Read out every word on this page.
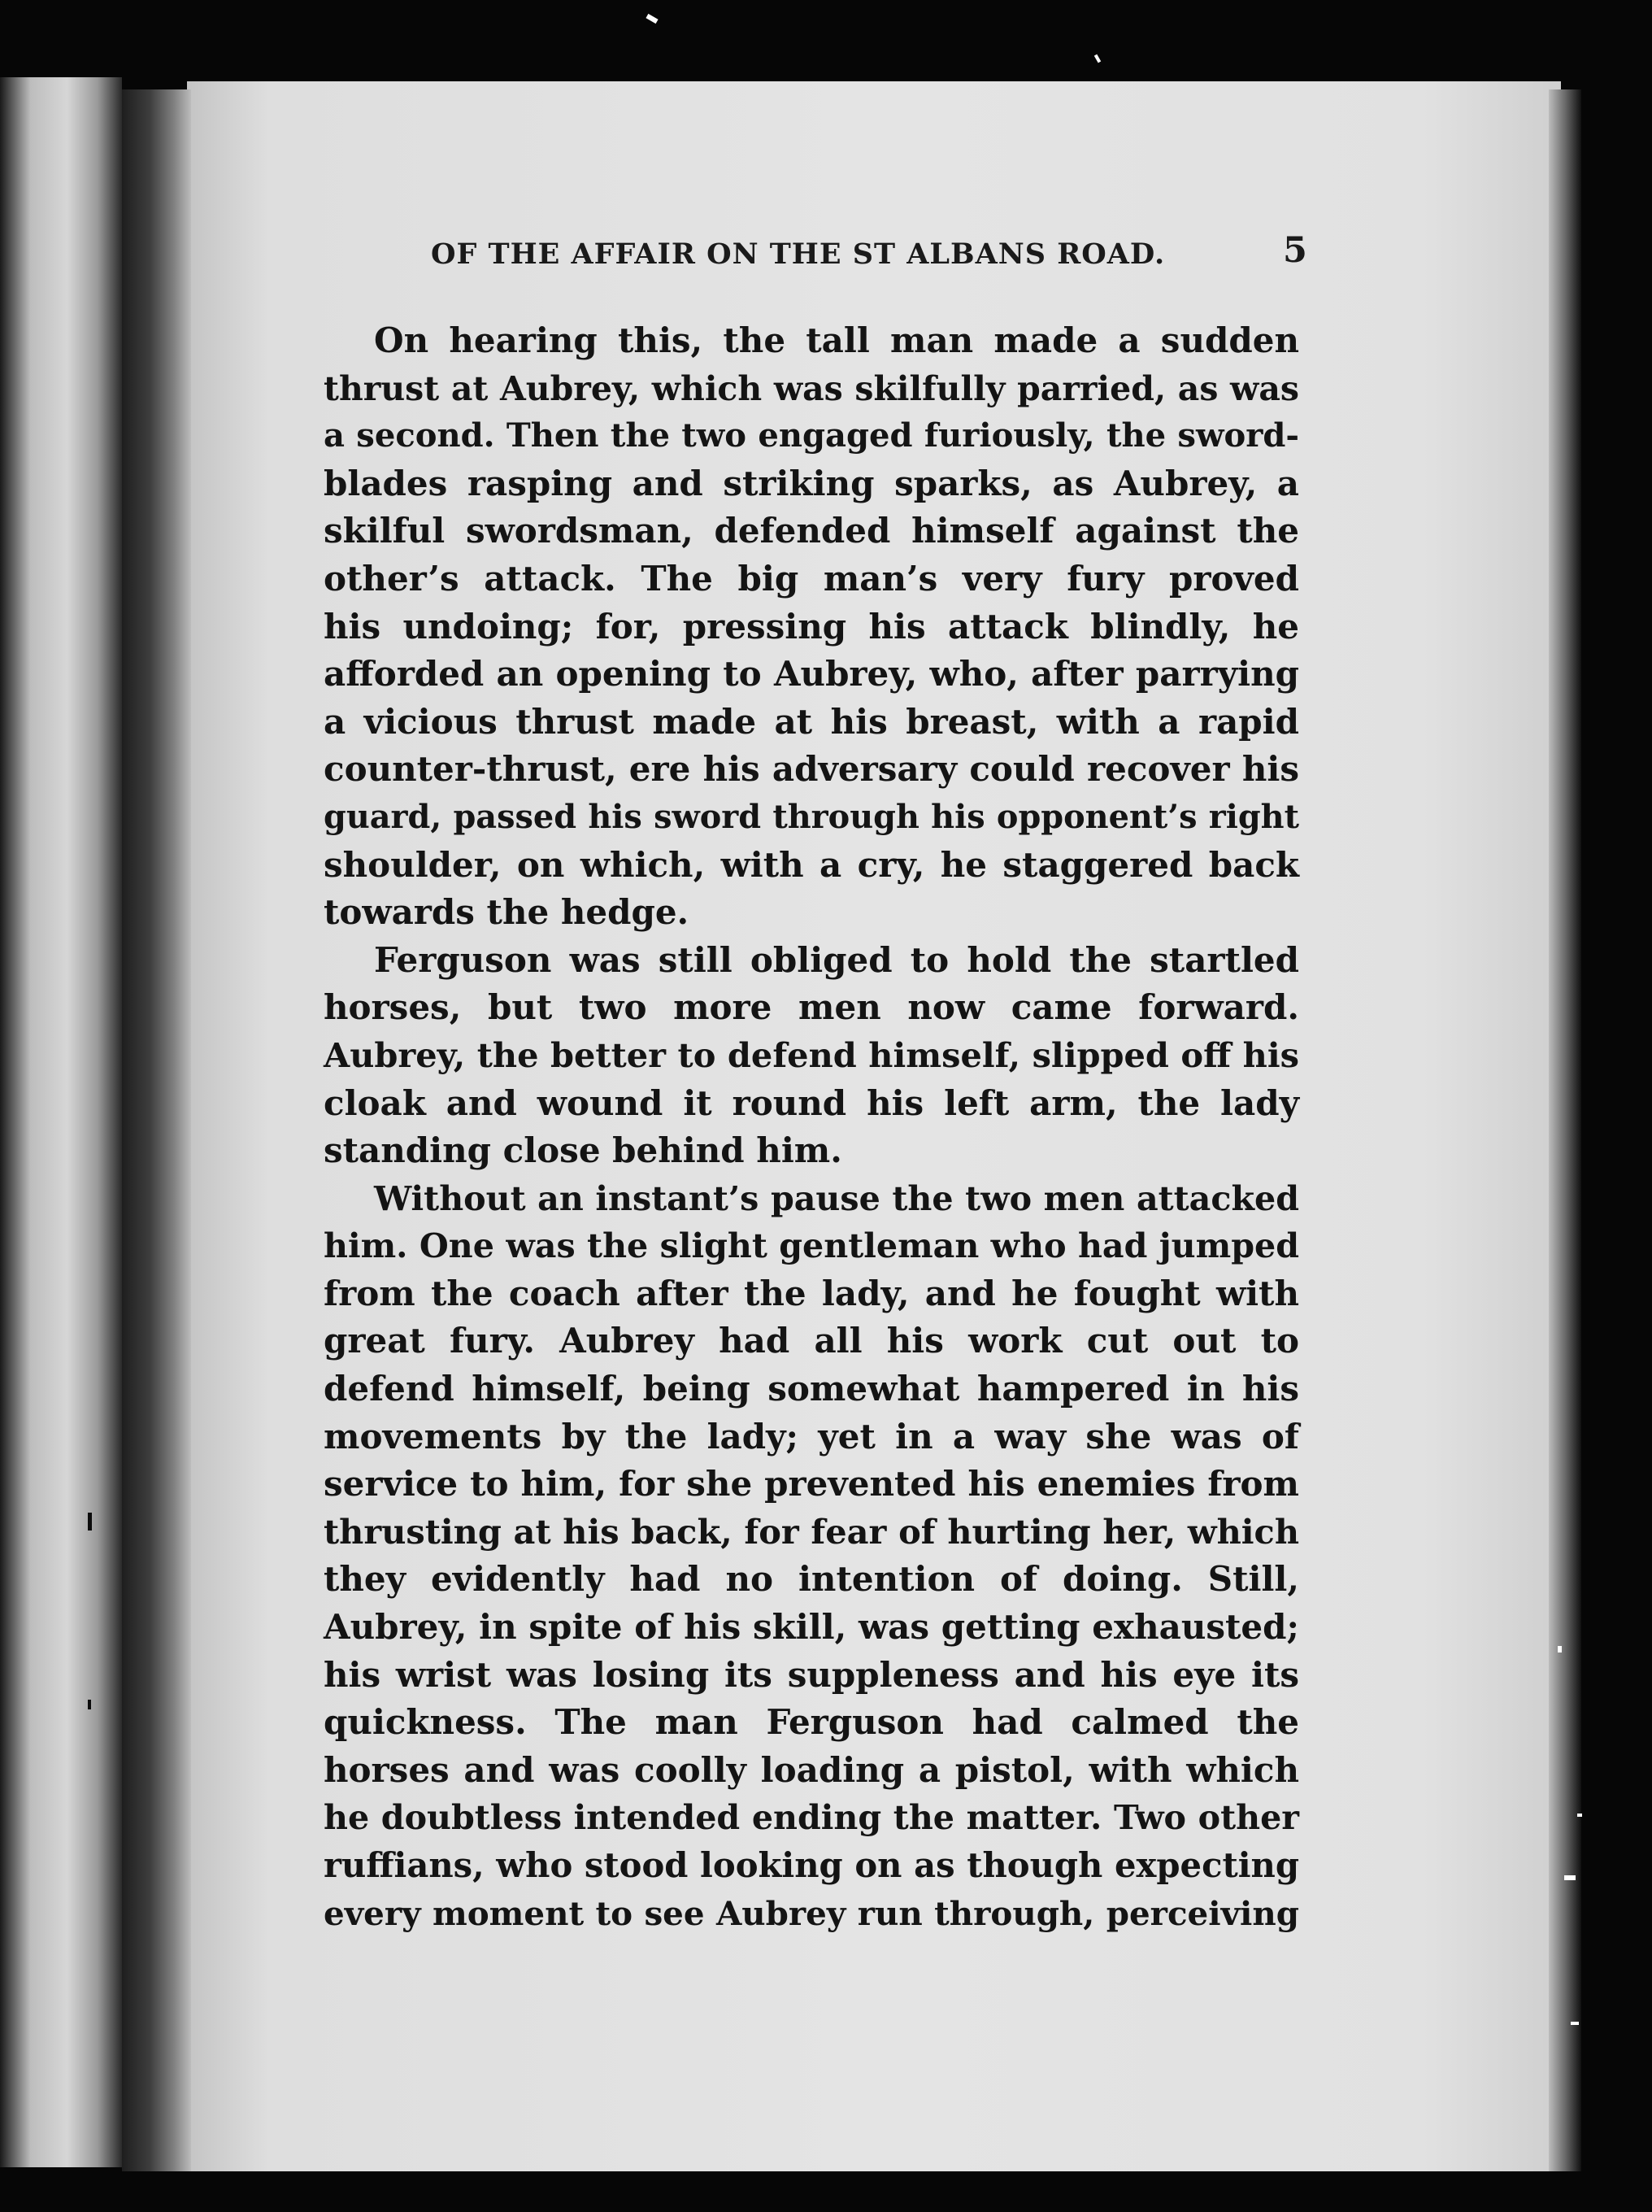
OF THE AFFAIR ON THE ST ALBANS ROAD.	5
On hearing this, the tall man made a sudden
thrust at Aubrey, which was skilfully parried, as was
a second. Then the two engaged furiously, the sword-
blades rasping and striking sparks, as Aubrey, a
skilful swordsman, defended himself against the
other’s attack. The big man’s very fury proved
his undoing; for, pressing his attack blindly, he
afforded an opening to Aubrey, who, after parrying
a vicious thrust made at his breast, with a rapid
counter-thrust, ere his adversary could recover his
guard, passed his sword through his opponent’s right
shoulder, on which, with a cry, he staggered back
towards the hedge.
Ferguson was still obliged to hold the startled
horses, but two more men now came forward.
Aubrey, the better to defend himself, slipped off his
cloak and wound it round his left arm, the lady
standing close behind him.
Without an instant’s pause the two men attacked
him. One was the slight gentleman who had jumped
from the coach after the lady, and he fought with
great fury. Aubrey had all his work cut out to
defend himself, being somewhat hampered in his
movements by the lady; yet in a way she was of
service to him, for she prevented his enemies from
thrusting at his back, for fear of hurting her, which
they evidently had no intention of doing. Still,
Aubrey, in spite of his skill, was getting exhausted;
his wrist was losing its suppleness and his eye its
quickness. The man Ferguson had calmed the
horses and was coolly loading a pistol, with which
he doubtless intended ending the matter. Two other
ruffians, who stood looking on as though expecting
every moment to see Aubrey run through, perceiving
